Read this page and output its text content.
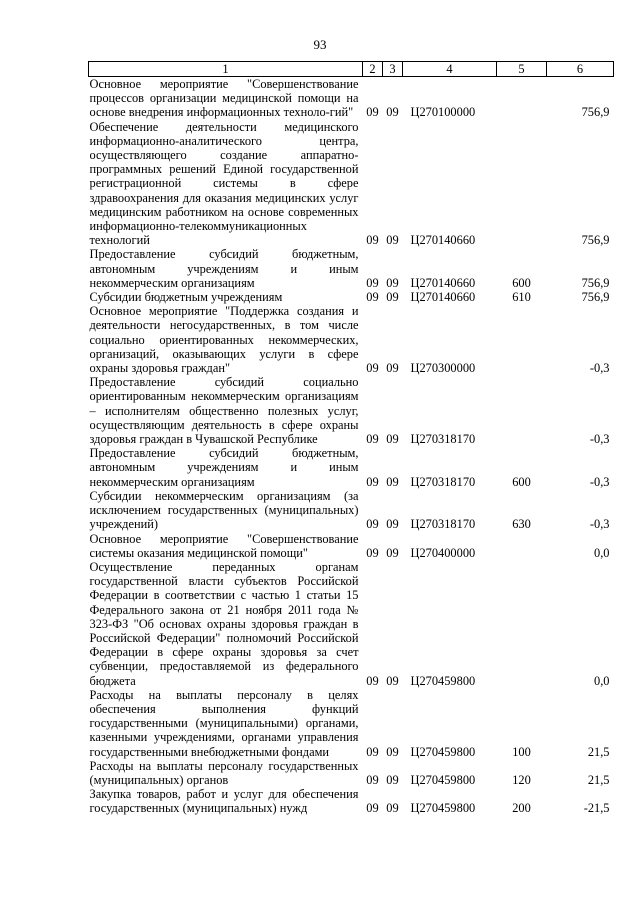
93
1	2	3	4	5	6
Основное мероприятие "Совершенствование процессов организации медицинской помощи на основе внедрения информационных техноло-гий"	09	09	Ц270100000		756,9
Обеспечение деятельности медицинского информационно-аналитического центра, осуществляющего создание аппаратно-программных решений Единой государственной регистрационной системы в сфере здравоохранения для оказания медицинских услуг медицинским работником на основе современных информационно-телекоммуникационных технологий	09	09	Ц270140660		756,9
Предоставление субсидий бюджетным, автономным учреждениям и иным некоммерческим организациям	09	09	Ц270140660	600	756,9
Субсидии бюджетным учреждениям	09	09	Ц270140660	610	756,9
Основное мероприятие "Поддержка создания и деятельности негосударственных, в том числе социально ориентированных некоммерческих, организаций, оказывающих услуги в сфере охраны здоровья граждан"	09	09	Ц270300000		-0,3
Предоставление субсидий социально ориентированным некоммерческим организациям – исполнителям общественно полезных услуг, осуществляющим деятельность в сфере охраны здоровья граждан в Чувашской Республике	09	09	Ц270318170		-0,3
Предоставление субсидий бюджетным, автономным учреждениям и иным некоммерческим организациям	09	09	Ц270318170	600	-0,3
Субсидии некоммерческим организациям (за исключением государственных (муниципальных) учреждений)	09	09	Ц270318170	630	-0,3
Основное мероприятие "Совершенствование системы оказания медицинской помощи"	09	09	Ц270400000		0,0
Осуществление переданных органам государственной власти субъектов Российской Федерации в соответствии с частью 1 статьи 15 Федерального закона от 21 ноября 2011 года № 323-ФЗ "Об основах охраны здоровья граждан в Российской Федерации" полномочий Российской Федерации в сфере охраны здоровья за счет субвенции, предоставляемой из федерального бюджета	09	09	Ц270459800		0,0
Расходы на выплаты персоналу в целях обеспечения выполнения функций государственными (муниципальными) органами, казенными учреждениями, органами управления государственными внебюджетными фондами	09	09	Ц270459800	100	21,5
Расходы на выплаты персоналу государственных (муниципальных) органов	09	09	Ц270459800	120	21,5
Закупка товаров, работ и услуг для обеспечения государственных (муниципальных) нужд	09	09	Ц270459800	200	-21,5
